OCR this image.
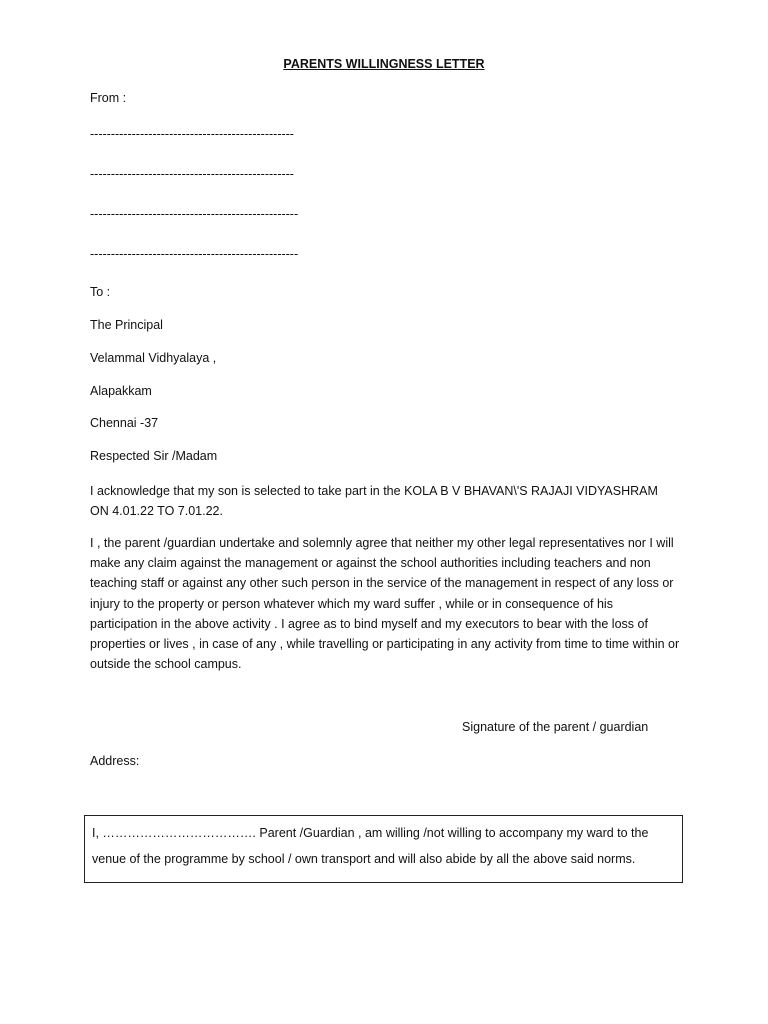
PARENTS WILLINGNESS LETTER
From :
-------------------------------------------------
-------------------------------------------------
--------------------------------------------------
--------------------------------------------------
To :
The Principal
Velammal Vidhyalaya ,
Alapakkam
Chennai -37
Respected Sir /Madam
I acknowledge that my son is selected to take part in the KOLA B V BHAVAN\'S RAJAJI VIDYASHRAM ON 4.01.22 TO 7.01.22.
I , the parent /guardian undertake and solemnly agree that neither my other legal representatives nor I will make any claim against the management or against the school authorities including teachers and non teaching staff or against any other such person in the service of the management in respect of any loss or injury to the property or person whatever which my ward suffer , while or in consequence of his participation in the above activity . I agree as to bind myself and my executors to bear with the loss of properties or lives , in case of any , while travelling or participating in any activity from time to time within or outside the school campus.
Signature of the parent / guardian
Address:
I, ………………………………. Parent /Guardian , am willing /not willing to accompany my ward to the venue of the programme by school / own transport and will also abide by all the above said norms.
